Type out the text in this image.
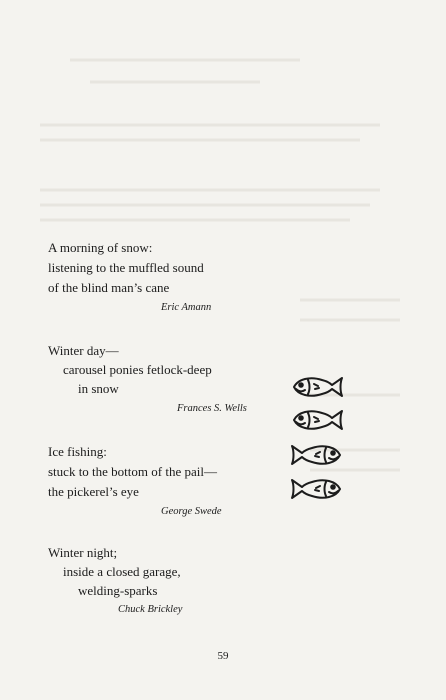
A morning of snow:
listening to the muffled sound
of the blind man’s cane
Eric Amann
Winter day—
carousel ponies fetlock-deep
in snow
Frances S. Wells
Ice fishing:
stuck to the bottom of the pail—
the pickerel’s eye
George Swede
Winter night;
inside a closed garage,
welding-sparks
Chuck Brickley
59
